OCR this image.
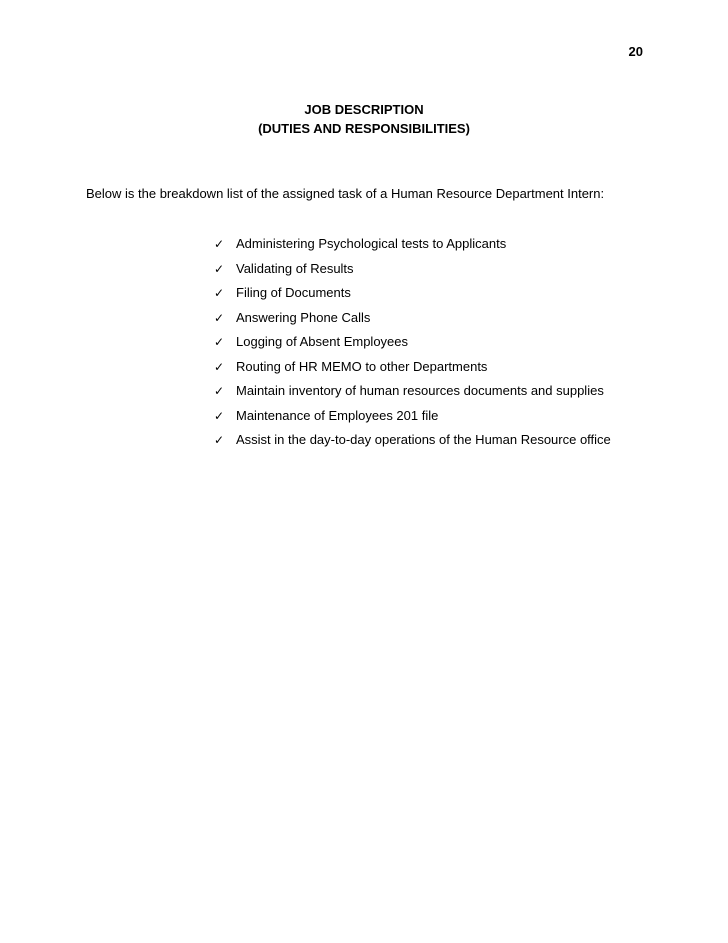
20
JOB DESCRIPTION
(DUTIES AND RESPONSIBILITIES)
Below is the breakdown list of the assigned task of a Human Resource Department Intern:
✓ Administering Psychological tests to Applicants
✓ Validating of Results
✓ Filing of Documents
✓ Answering Phone Calls
✓ Logging of Absent Employees
✓ Routing of HR MEMO to other Departments
✓ Maintain inventory of human resources documents and supplies
✓ Maintenance of Employees 201 file
✓ Assist in the day-to-day operations of the Human Resource office
